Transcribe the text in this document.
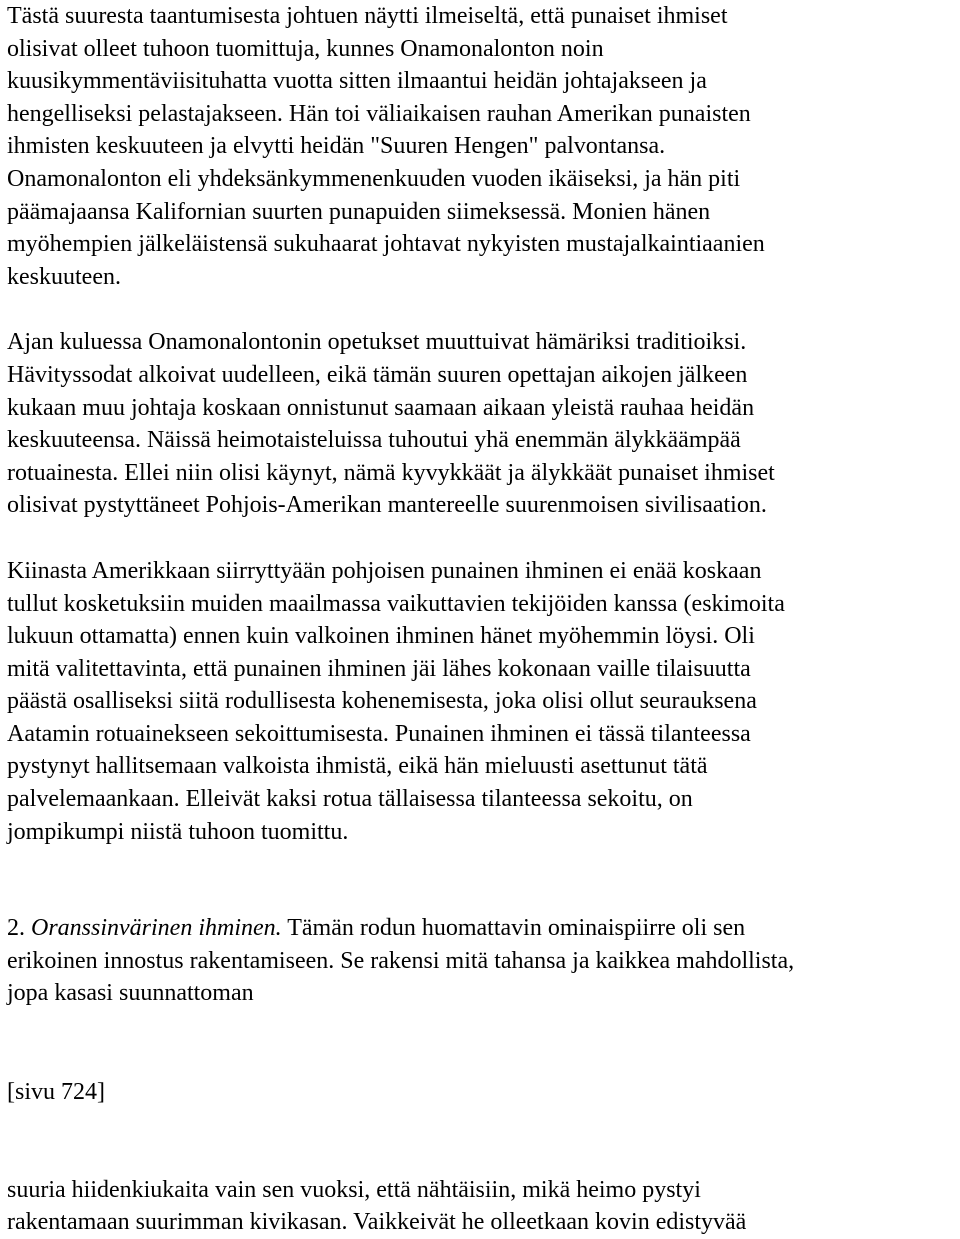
Tästä suuresta taantumisesta johtuen näytti ilmeiseltä, että punaiset ihmiset
olisivat olleet tuhoon tuomittuja, kunnes Onamonalonton noin
kuusikymmentäviisituhatta vuotta sitten ilmaantui heidän johtajakseen ja
hengelliseksi pelastajakseen. Hän toi väliaikaisen rauhan Amerikan punaisten
ihmisten keskuuteen ja elvytti heidän "Suuren Hengen" palvontansa.
Onamonalonton eli yhdeksänkymmenenkuuden vuoden ikäiseksi, ja hän piti
päämajaansa Kalifornian suurten punapuiden siimeksessä. Monien hänen
myöhempien jälkeläistensä sukuhaarat johtavat nykyisten mustajalkaintiaanien
keskuuteen.

Ajan kuluessa Onamonalontonin opetukset muuttuivat hämäriksi traditioiksi.
Hävityssodat alkoivat uudelleen, eikä tämän suuren opettajan aikojen jälkeen
kukaan muu johtaja koskaan onnistunut saamaan aikaan yleistä rauhaa heidän
keskuuteensa. Näissä heimotaisteluissa tuhoutui yhä enemmän älykkäämpää
rotuainesta. Ellei niin olisi käynyt, nämä kyvykkäät ja älykkäät punaiset ihmiset
olisivat pystyttäneet Pohjois-Amerikan mantereelle suurenmoisen sivilisaation.

Kiinasta Amerikkaan siirryttyään pohjoisen punainen ihminen ei enää koskaan
tullut kosketuksiin muiden maailmassa vaikuttavien tekijöiden kanssa (eskimoita
lukuun ottamatta) ennen kuin valkoinen ihminen hänet myöhemmin löysi. Oli
mitä valitettavinta, että punainen ihminen jäi lähes kokonaan vaille tilaisuutta
päästä osalliseksi siitä rodullisesta kohenemisesta, joka olisi ollut seurauksena
Aatamin rotuainekseen sekoittumisesta. Punainen ihminen ei tässä tilanteessa
pystynyt hallitsemaan valkoista ihmistä, eikä hän mieluusti asettunut tätä
palvelemaankaan. Elleivät kaksi rotua tällaisessa tilanteessa sekoitu, on
jompikumpi niistä tuhoon tuomittu.

2. Oranssinvärinen ihminen. Tämän rodun huomattavin ominaispiirre oli sen
erikoinen innostus rakentamiseen. Se rakensi mitä tahansa ja kaikkea mahdollista,
jopa kasasi suunnattoman

[sivu 724]

suuria hiidenkiukaita vain sen vuoksi, että nähtäisiin, mikä heimo pystyi
rakentamaan suurimman kivikasan. Vaikkeivät he olleetkaan kovin edistyvää
